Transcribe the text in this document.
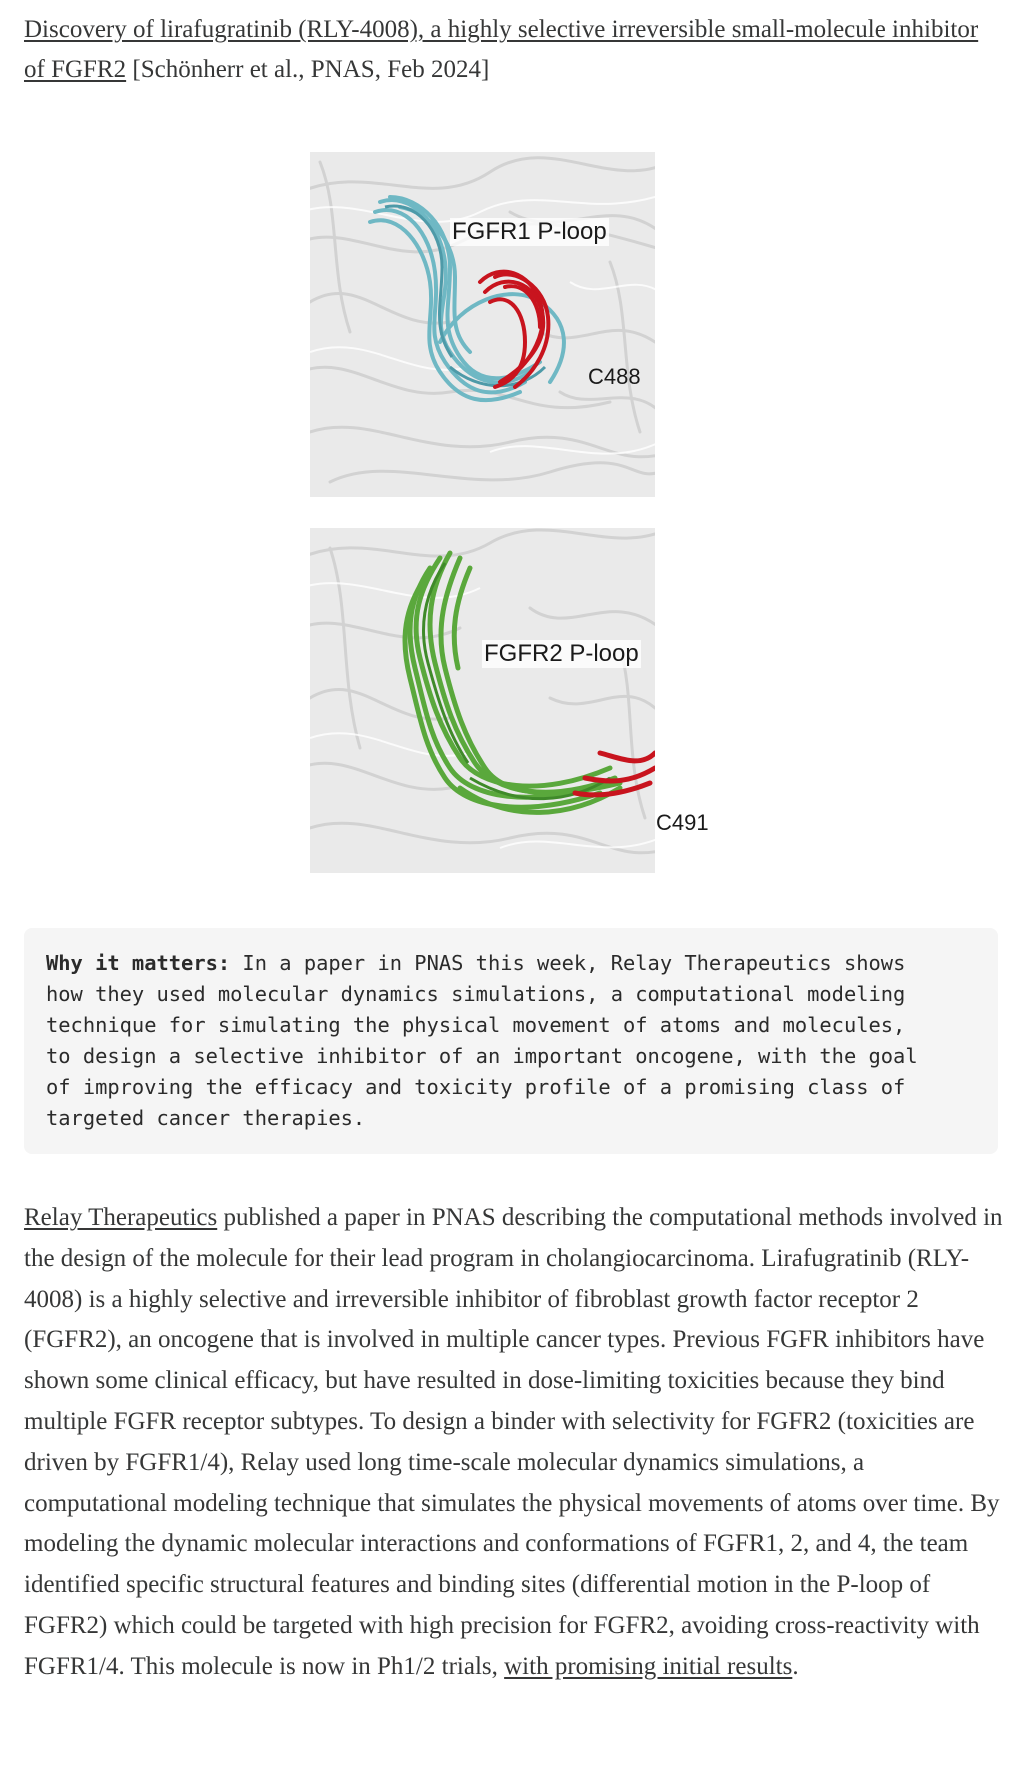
Discovery of lirafugratinib (RLY-4008), a highly selective irreversible small-molecule inhibitor of FGFR2 [Schönherr et al., PNAS, Feb 2024]

FGFR1 P-loop
C488
FGFR2 P-loop
C491
Why it matters: In a paper in PNAS this week, Relay Therapeutics shows
how they used molecular dynamics simulations, a computational modeling
technique for simulating the physical movement of atoms and molecules,
to design a selective inhibitor of an important oncogene, with the goal
of improving the efficacy and toxicity profile of a promising class of
targeted cancer therapies.

Relay Therapeutics published a paper in PNAS describing the computational methods involved in the design of the molecule for their lead program in cholangiocarcinoma. Lirafugratinib (RLY-4008) is a highly selective and irreversible inhibitor of fibroblast growth factor receptor 2 (FGFR2), an oncogene that is involved in multiple cancer types. Previous FGFR inhibitors have shown some clinical efficacy, but have resulted in dose-limiting toxicities because they bind multiple FGFR receptor subtypes. To design a binder with selectivity for FGFR2 (toxicities are driven by FGFR1/4), Relay used long time-scale molecular dynamics simulations, a computational modeling technique that simulates the physical movements of atoms over time. By modeling the dynamic molecular interactions and conformations of FGFR1, 2, and 4, the team identified specific structural features and binding sites (differential motion in the P-loop of FGFR2) which could be targeted with high precision for FGFR2, avoiding cross-reactivity with FGFR1/4. This molecule is now in Ph1/2 trials, with promising initial results.
